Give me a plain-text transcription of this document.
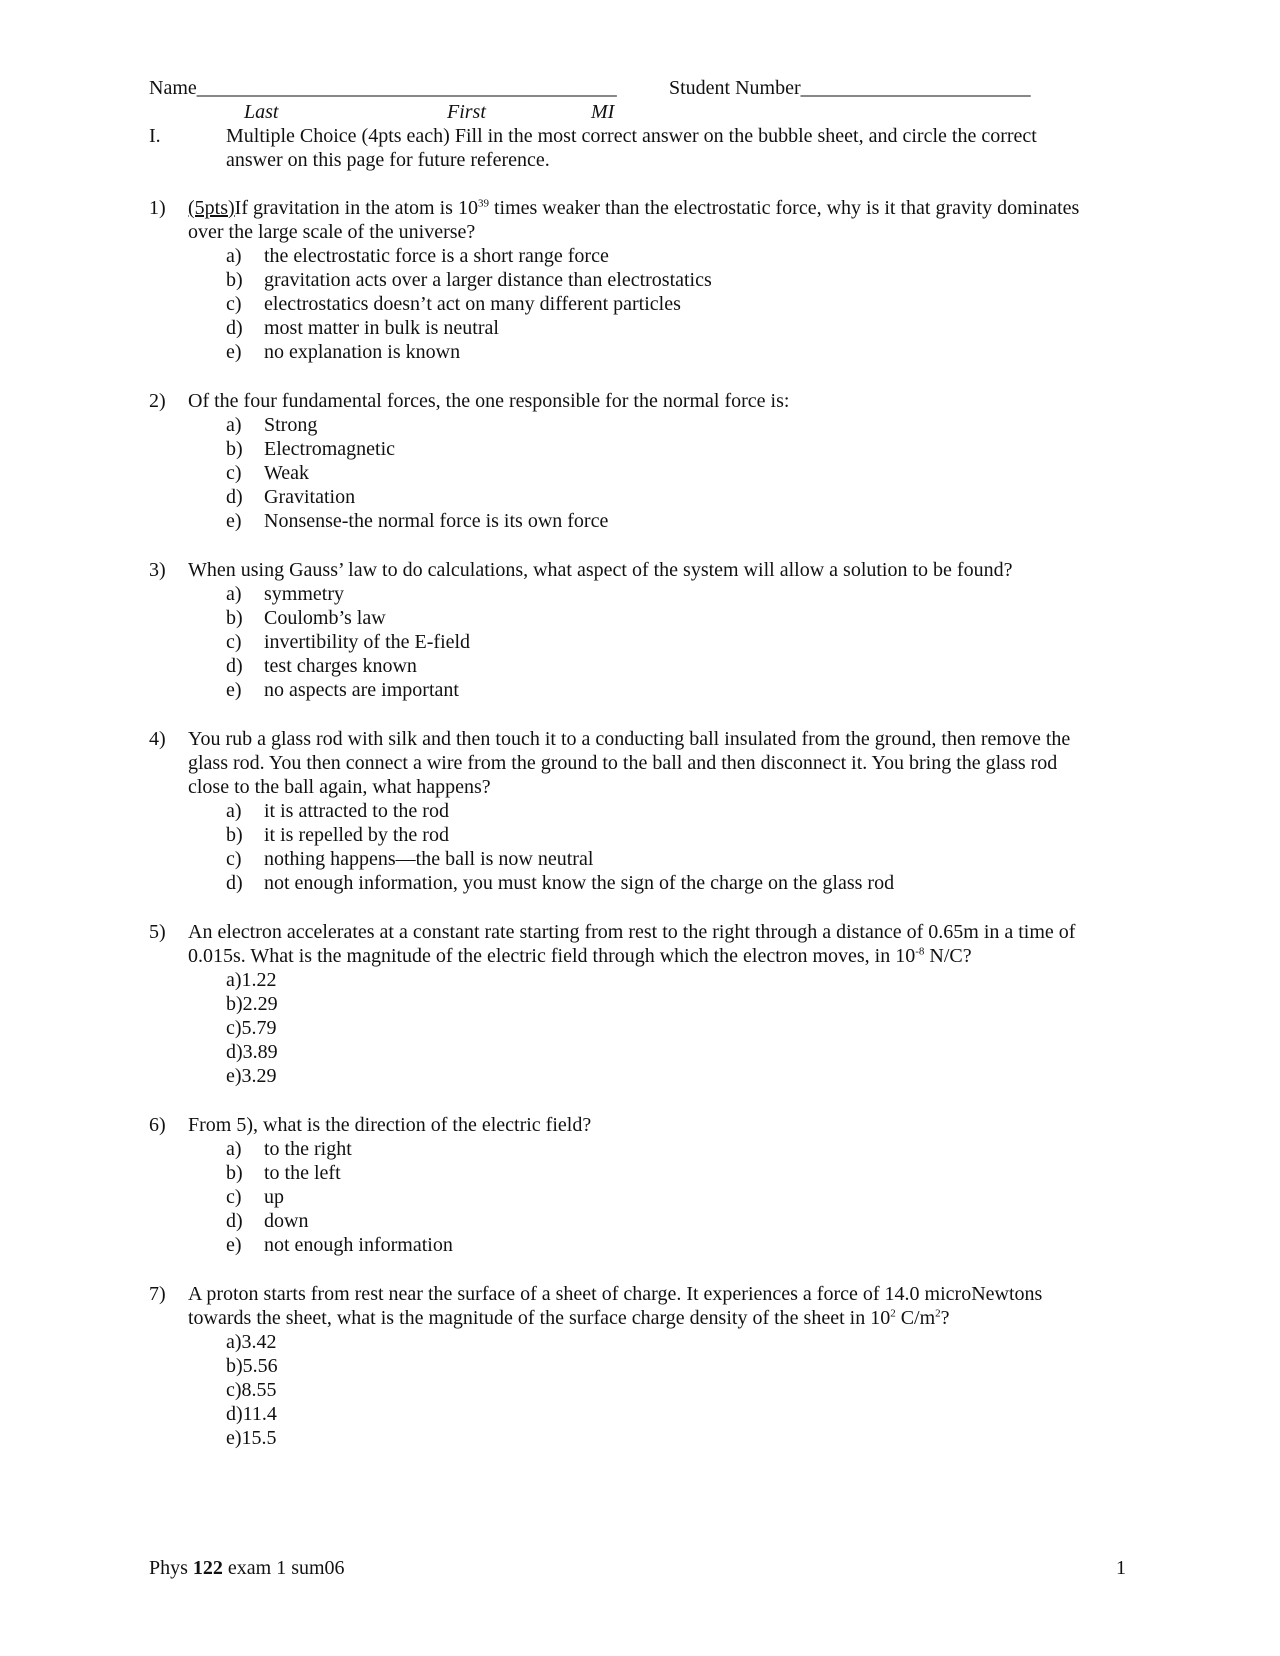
Name__________________________________________	Student Number_______________________
Last	First	MI
I.	Multiple Choice (4pts each) Fill in the most correct answer on the bubble sheet, and circle the correct
answer on this page for future reference.
1) (5pts)If gravitation in the atom is $10^{39}$ times weaker than the electrostatic force, why is it that gravity dominates
over the large scale of the universe?
a) the electrostatic force is a short range force
b) gravitation acts over a larger distance than electrostatics
c) electrostatics doesn’t act on many different particles
d) most matter in bulk is neutral
e) no explanation is known
2) Of the four fundamental forces, the one responsible for the normal force is:
a) Strong
b) Electromagnetic
c) Weak
d) Gravitation
e) Nonsense-the normal force is its own force
3) When using Gauss’ law to do calculations, what aspect of the system will allow a solution to be found?
a) symmetry
b) Coulomb’s law
c) invertibility of the E-field
d) test charges known
e) no aspects are important
4) You rub a glass rod with silk and then touch it to a conducting ball insulated from the ground, then remove the
glass rod. You then connect a wire from the ground to the ball and then disconnect it. You bring the glass rod
close to the ball again, what happens?
a) it is attracted to the rod
b) it is repelled by the rod
c) nothing happens—the ball is now neutral
d) not enough information, you must know the sign of the charge on the glass rod
5) An electron accelerates at a constant rate starting from rest to the right through a distance of 0.65m in a time of
0.015s. What is the magnitude of the electric field through which the electron moves, in $10^{-8}$ N/C?
a)1.22
b)2.29
c)5.79
d)3.89
e)3.29
6) From 5), what is the direction of the electric field?
a) to the right
b) to the left
c) up
d) down
e) not enough information
7) A proton starts from rest near the surface of a sheet of charge. It experiences a force of 14.0 microNewtons
towards the sheet, what is the magnitude of the surface charge density of the sheet in $10^2$ $C/m^2$?
a)3.42
b)5.56
c)8.55
d)11.4
e)15.5
Phys 122 exam 1 sum06	1
